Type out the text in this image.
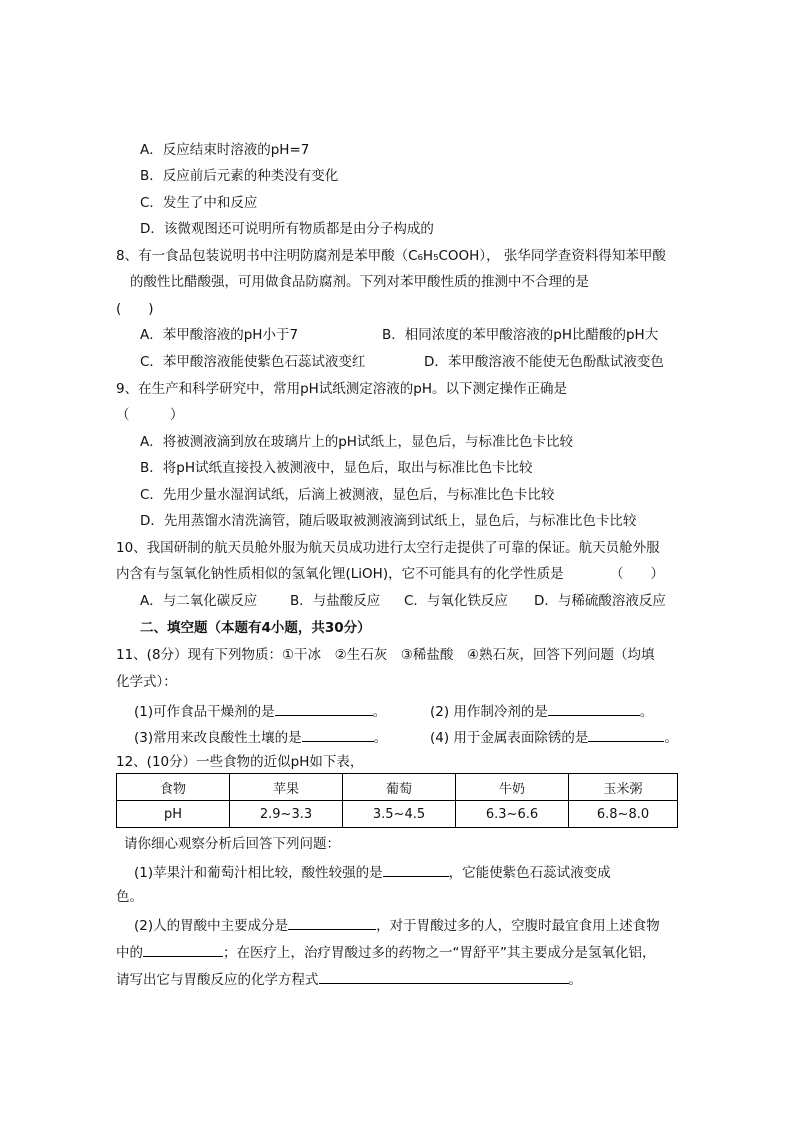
A．反应结束时溶液的pH=7
B．反应前后元素的种类没有变化
C．发生了中和反应
D．该微观图还可说明所有物质都是由分子构成的
8、有一食品包装说明书中注明防腐剂是苯甲酸（C₆H₅COOH）， 张华同学查资料得知苯甲酸
的酸性比醋酸强，可用做食品防腐剂。下列对苯甲酸性质的推测中不合理的是
(　　)
A．苯甲酸溶液的pH小于7	B．相同浓度的苯甲酸溶液的pH比醋酸的pH大
C．苯甲酸溶液能使紫色石蕊试液变红	D．苯甲酸溶液不能使无色酚酞试液变色
9、在生产和科学研究中，常用pH试纸测定溶液的pH。以下测定操作正确是
（　　　）
A．将被测液滴到放在玻璃片上的pH试纸上，显色后，与标准比色卡比较
B．将pH试纸直接投入被测液中，显色后，取出与标准比色卡比较
C．先用少量水湿润试纸，后滴上被测液，显色后，与标准比色卡比较
D．先用蒸馏水清洗滴管，随后吸取被测液滴到试纸上，显色后，与标准比色卡比较
10、我国研制的航天员舱外服为航天员成功进行太空行走提供了可靠的保证。航天员舱外服
内含有与氢氧化钠性质相似的氢氧化锂(LiOH)，它不可能具有的化学性质是	（　　）
A．与二氧化碳反应 B．与盐酸反应 C．与氧化铁反应 D．与稀硫酸溶液反应
二、填空题（本题有4小题，共30分）
11、(8分）现有下列物质：①干冰　②生石灰　③稀盐酸　④熟石灰，回答下列问题（均填
化学式）：
(1)可作食品干燥剂的是	。	(2) 用作制冷剂的是	。
(3)常用来改良酸性土壤的是	。	(4) 用于金属表面除锈的是	。
12、(10分）一些食物的近似pH如下表，
食物	苹果	葡萄	牛奶	玉米粥
pH	2.9~3.3	3.5~4.5	6.3~6.6	6.8~8.0
请你细心观察分析后回答下列问题：
(1)苹果汁和葡萄汁相比较，酸性较强的是	，它能使紫色石蕊试液变成
色。
(2)人的胃酸中主要成分是	，对于胃酸过多的人，空腹时最宜食用上述食物
中的	；在医疗上，治疗胃酸过多的药物之一“胃舒平”其主要成分是氢氧化铝，
请写出它与胃酸反应的化学方程式	。
